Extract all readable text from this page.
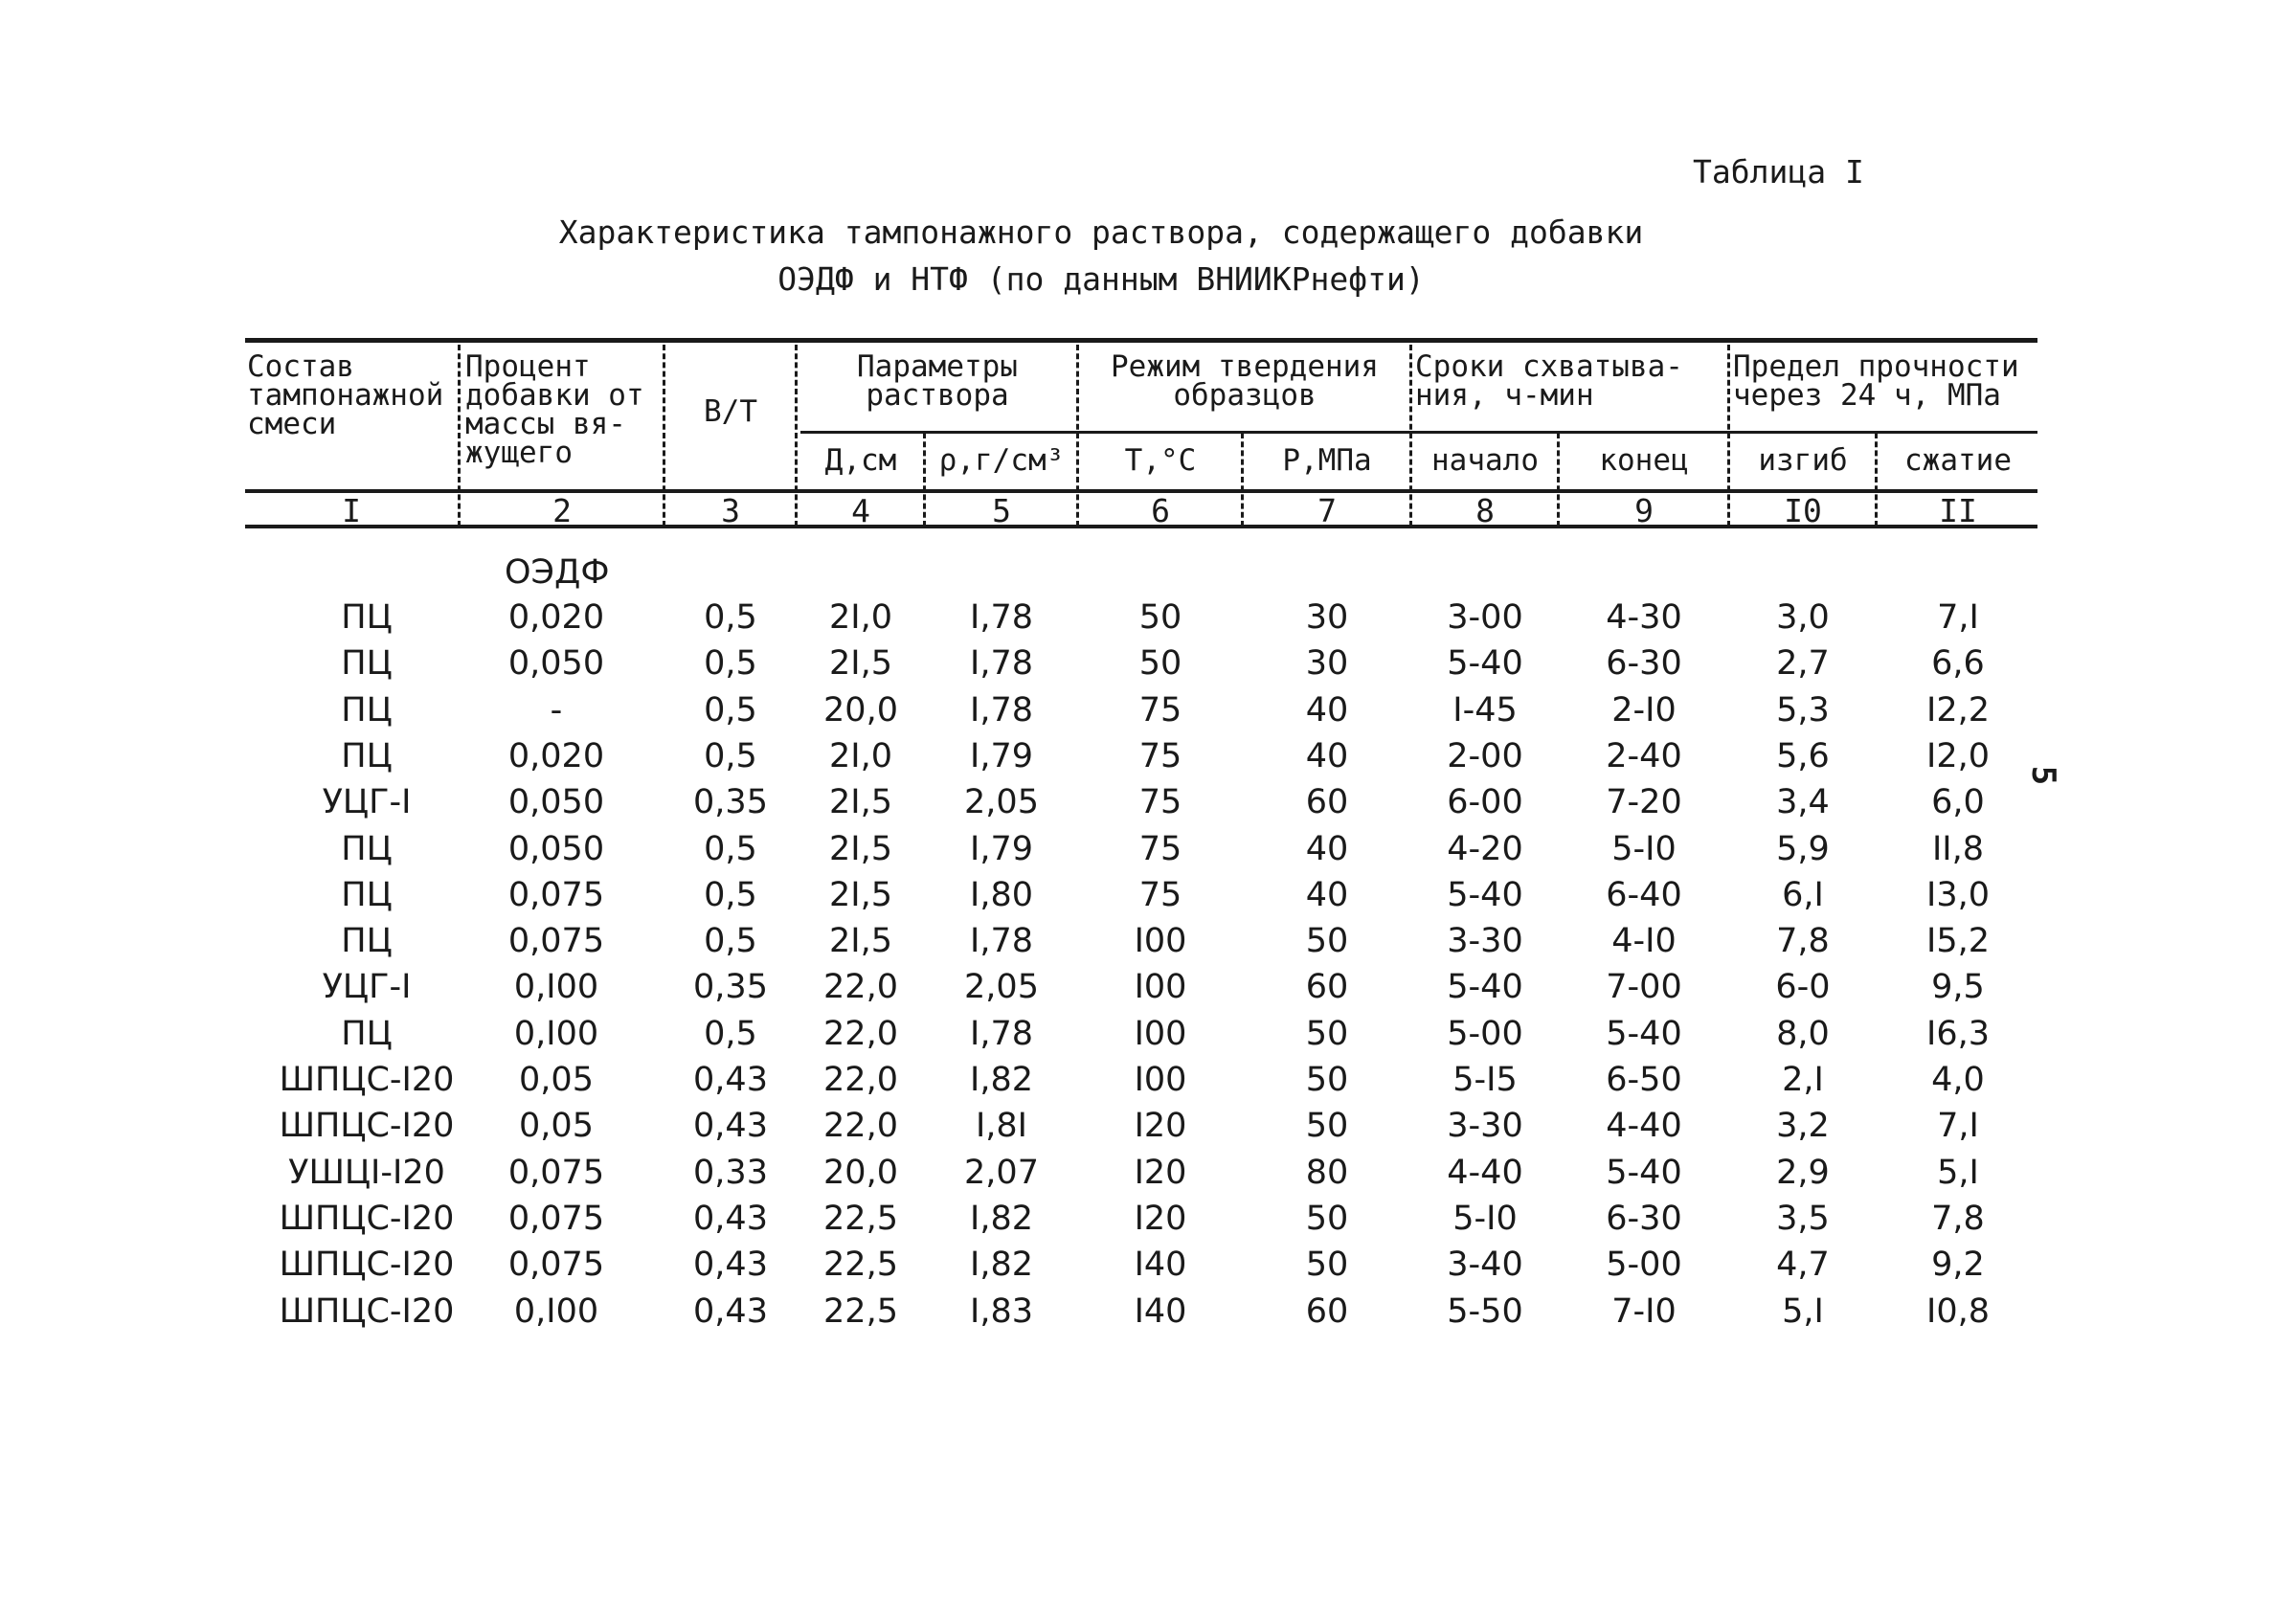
Таблица I
Характеристика тампонажного раствора, содержащего добавки
ОЭДФ и НТФ (по данным ВНИИКРнефти)
Состав
тампонажной
смеси
Процент
добавки от
массы вя-
жущего
В/Т
Параметры
раствора
Д,см	ρ,г/см³
Режим твердения
образцов
Т,°С	Р,МПа
Сроки схватыва-
ния, ч-мин
начало	конец
Предел прочности
через 24 ч, МПа
изгиб	сжатие
I	2	3	4	5	6	7	8	9	I0	II
ОЭДФ
ПЦ	0,020	0,5	2I,0	I,78	50	30	3-00	4-30	3,0	7,I
ПЦ	0,050	0,5	2I,5	I,78	50	30	5-40	6-30	2,7	6,6
ПЦ	-	0,5	20,0	I,78	75	40	I-45	2-I0	5,3	I2,2
ПЦ	0,020	0,5	2I,0	I,79	75	40	2-00	2-40	5,6	I2,0
УЦГ-I	0,050	0,35	2I,5	2,05	75	60	6-00	7-20	3,4	6,0
ПЦ	0,050	0,5	2I,5	I,79	75	40	4-20	5-I0	5,9	II,8
ПЦ	0,075	0,5	2I,5	I,80	75	40	5-40	6-40	6,I	I3,0
ПЦ	0,075	0,5	2I,5	I,78	I00	50	3-30	4-I0	7,8	I5,2
УЦГ-I	0,I00	0,35	22,0	2,05	I00	60	5-40	7-00	6-0	9,5
ПЦ	0,I00	0,5	22,0	I,78	I00	50	5-00	5-40	8,0	I6,3
ШПЦС-I20	0,05	0,43	22,0	I,82	I00	50	5-I5	6-50	2,I	4,0
ШПЦС-I20	0,05	0,43	22,0	I,8I	I20	50	3-30	4-40	3,2	7,I
УШЦI-I20	0,075	0,33	20,0	2,07	I20	80	4-40	5-40	2,9	5,I
ШПЦС-I20	0,075	0,43	22,5	I,82	I20	50	5-I0	6-30	3,5	7,8
ШПЦС-I20	0,075	0,43	22,5	I,82	I40	50	3-40	5-00	4,7	9,2
ШПЦС-I20	0,I00	0,43	22,5	I,83	I40	60	5-50	7-I0	5,I	I0,8
5
